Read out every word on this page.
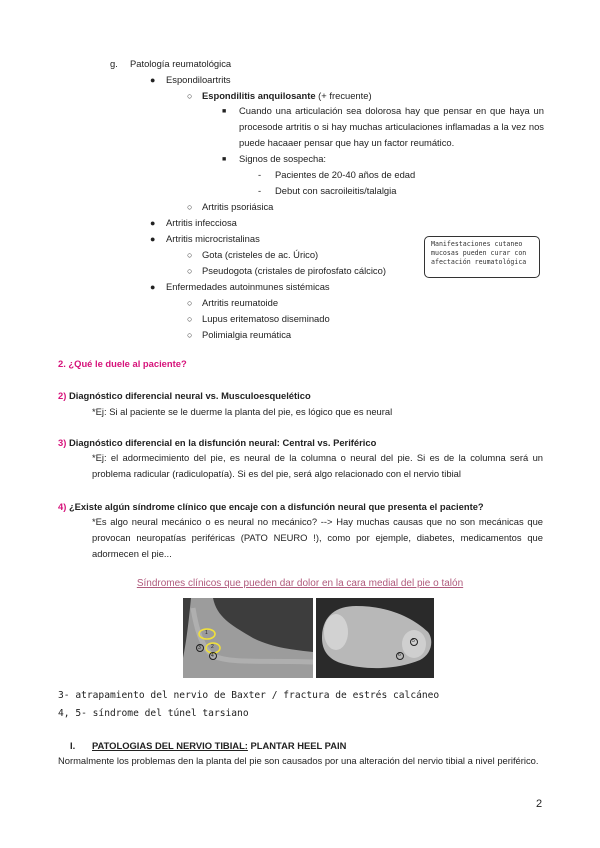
g. Patología reumatológica
● Espondiloartrits
○ Espondilitis anquilosante (+ frecuente)
■ Cuando una articulación sea dolorosa hay que pensar en que haya un procesode artritis o si hay muchas articulaciones inflamadas a la vez nos puede hacaaer pensar que hay un factor reumático.
■ Signos de sospecha:
- Pacientes de 20-40 años de edad
- Debut con sacroileitis/talalgia
○ Artritis psoriásica
● Artritis infecciosa
● Artritis microcristalinas
○ Gota (cristeles de ac. Úrico)
○ Pseudogota (cristales de pirofosfato cálcico)
● Enfermedades autoinmunes sistémicas
○ Artritis reumatoide
○ Lupus eritematoso diseminado
○ Polimialgia reumática
Manifestaciones cutaneo mucosas pueden curar con afectación reumatológica
2. ¿Qué le duele al paciente?
2) Diagnóstico diferencial neural vs. Musculoesquelético
*Ej: Si al paciente se le duerme la planta del pie, es lógico que es neural
3) Diagnóstico diferencial en la disfunción neural: Central vs. Periférico
*Ej: el adormecimiento del pie, es neural de la columna o neural del pie. Si es de la columna será un problema radicular (radiculopatía). Si es del pie, será algo relacionado con el nervio tibial
4) ¿Existe algún síndrome clínico que encaje con a disfunción neural que presenta el paciente?
*Es algo neural mecánico o es neural no mecánico? --> Hay muchas causas que no son mecánicas que provocan neuropatías periféricas (PATO NEURO !), como por ejemple, diabetes, medicamentos que adormecen el pie...
Síndromes clínicos que pueden dar dolor en la cara medial del pie o talón
1
2
3
4
5
6
3- atrapamiento del nervio de Baxter / fractura de estrés calcáneo
4, 5- síndrome del túnel tarsiano
I. PATOLOGIAS DEL NERVIO TIBIAL: PLANTAR HEEL PAIN
Normalmente los problemas den la planta del pie son causados por una alteración del nervio tibial a nivel periférico.
2
